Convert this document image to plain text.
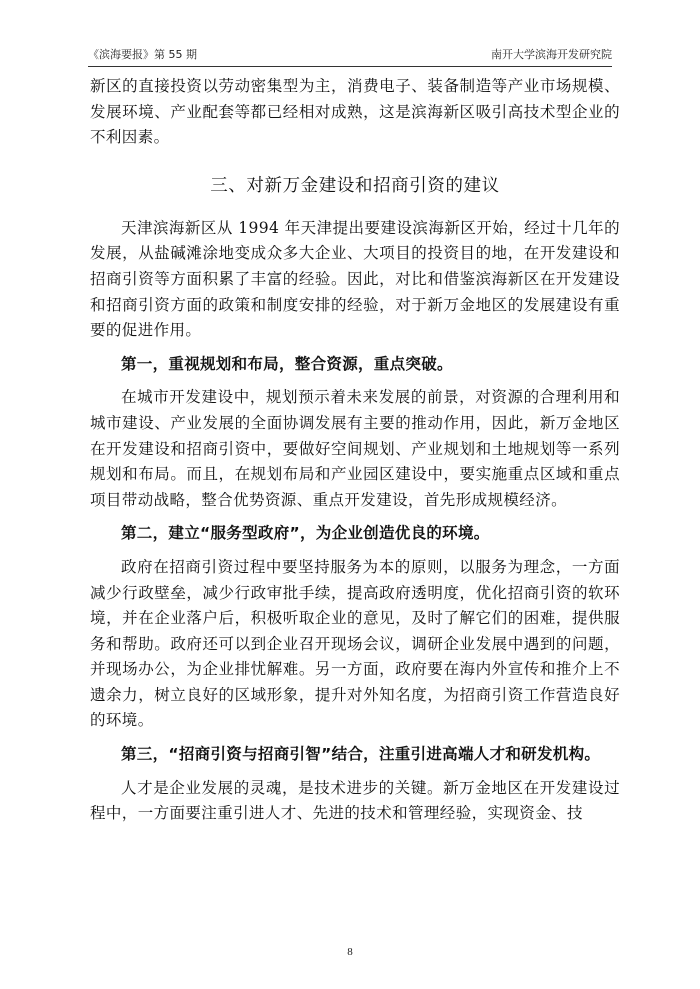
《滨海要报》第 55 期	南开大学滨海开发研究院

新区的直接投资以劳动密集型为主，消费电子、装备制造等产业市场规模、发展环境、产业配套等都已经相对成熟，这是滨海新区吸引高技术型企业的不利因素。

三、对新万金建设和招商引资的建议

天津滨海新区从 1994 年天津提出要建设滨海新区开始，经过十几年的发展，从盐碱滩涂地变成众多大企业、大项目的投资目的地，在开发建设和招商引资等方面积累了丰富的经验。因此，对比和借鉴滨海新区在开发建设和招商引资方面的政策和制度安排的经验，对于新万金地区的发展建设有重要的促进作用。

第一，重视规划和布局，整合资源，重点突破。

在城市开发建设中，规划预示着未来发展的前景，对资源的合理利用和城市建设、产业发展的全面协调发展有主要的推动作用，因此，新万金地区在开发建设和招商引资中，要做好空间规划、产业规划和土地规划等一系列规划和布局。而且，在规划布局和产业园区建设中，要实施重点区域和重点项目带动战略，整合优势资源、重点开发建设，首先形成规模经济。

第二，建立“服务型政府”，为企业创造优良的环境。

政府在招商引资过程中要坚持服务为本的原则，以服务为理念，一方面减少行政壁垒，减少行政审批手续，提高政府透明度，优化招商引资的软环境，并在企业落户后，积极听取企业的意见，及时了解它们的困难，提供服务和帮助。政府还可以到企业召开现场会议，调研企业发展中遇到的问题，并现场办公，为企业排忧解难。另一方面，政府要在海内外宣传和推介上不遗余力，树立良好的区域形象，提升对外知名度，为招商引资工作营造良好的环境。

第三，“招商引资与招商引智”结合，注重引进高端人才和研发机构。

人才是企业发展的灵魂，是技术进步的关键。新万金地区在开发建设过程中，一方面要注重引进人才、先进的技术和管理经验，实现资金、技

8
